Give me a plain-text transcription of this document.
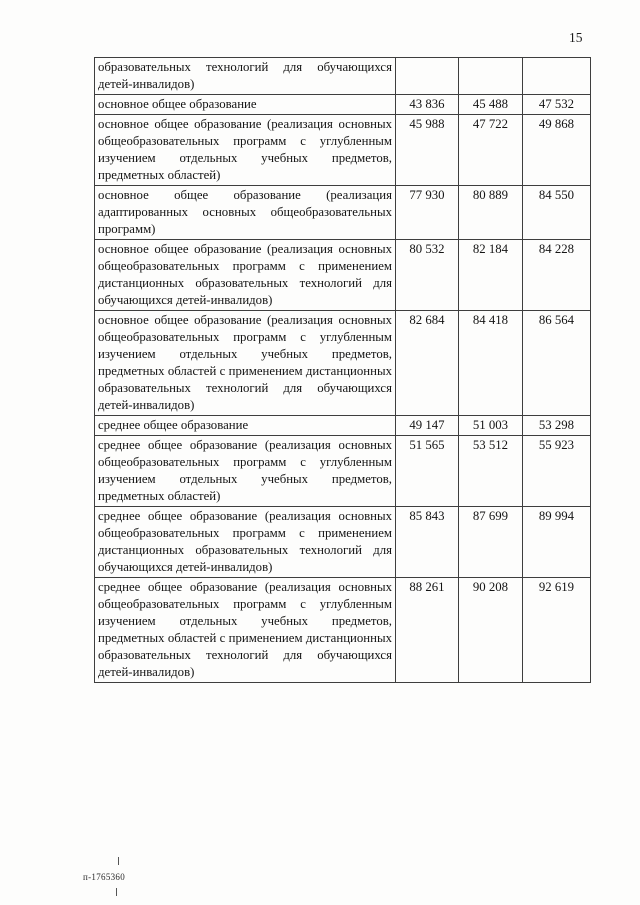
15
образовательных технологий для обучающихся детей-инвалидов)			
основное общее образование	43 836	45 488	47 532
основное общее образование (реализация основных общеобразовательных программ с углубленным изучением отдельных учебных предметов, предметных областей)	45 988	47 722	49 868
основное общее образование (реализация адаптированных основных общеобразовательных программ)	77 930	80 889	84 550
основное общее образование (реализация основных общеобразовательных программ с применением дистанционных образовательных технологий для обучающихся детей-инвалидов)	80 532	82 184	84 228
основное общее образование (реализация основных общеобразовательных программ с углубленным изучением отдельных учебных предметов, предметных областей с применением дистанционных образовательных технологий для обучающихся детей-инвалидов)	82 684	84 418	86 564
среднее общее образование	49 147	51 003	53 298
среднее общее образование (реализация основных общеобразовательных программ с углубленным изучением отдельных учебных предметов, предметных областей)	51 565	53 512	55 923
среднее общее образование (реализация основных общеобразовательных программ с применением дистанционных образовательных технологий для обучающихся детей-инвалидов)	85 843	87 699	89 994
среднее общее образование (реализация основных общеобразовательных программ с углубленным изучением отдельных учебных предметов, предметных областей с применением дистанционных образовательных технологий для обучающихся детей-инвалидов)	88 261	90 208	92 619
п-1765360
